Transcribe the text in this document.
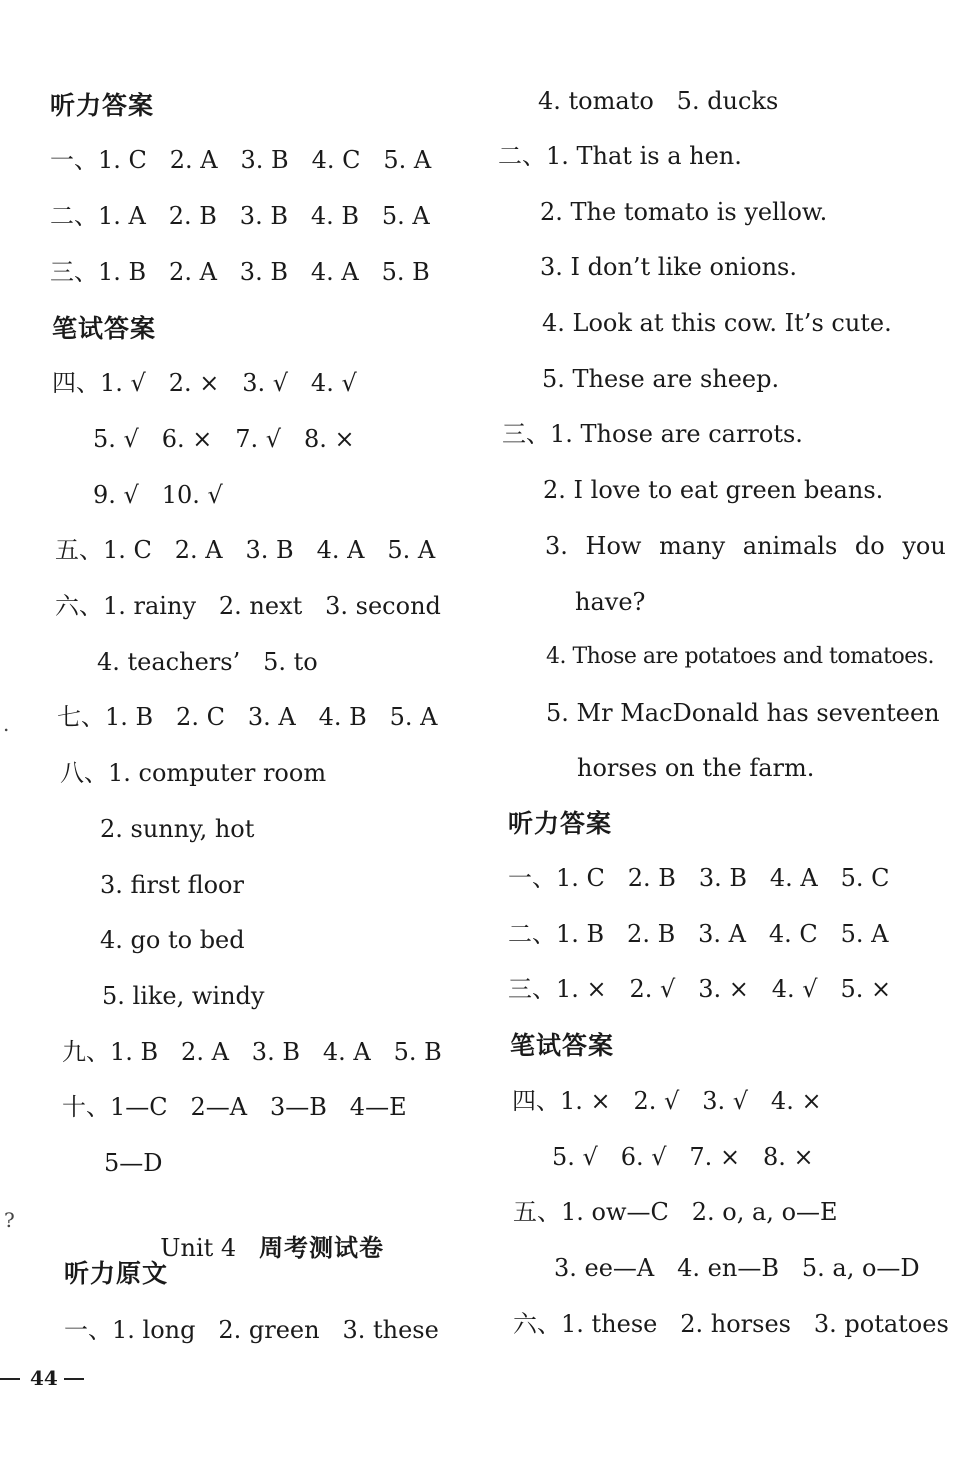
听力答案
一、1. C   2. A   3. B   4. C   5. A
二、1. A   2. B   3. B   4. B   5. A
三、1. B   2. A   3. B   4. A   5. B
笔试答案
四、1. √   2. ×   3. √   4. √
5. √   6. ×   7. √   8. ×
9. √   10. √
五、1. C   2. A   3. B   4. A   5. A
六、1. rainy   2. next   3. second
4. teachers’   5. to
七、1. B   2. C   3. A   4. B   5. A
八、1. computer room
2. sunny, hot
3. first floor
4. go to bed
5. like, windy
九、1. B   2. A   3. B   4. A   5. B
十、1—C   2—A   3—B   4—E
5—D

Unit 4 周考测试卷

听力原文
一、1. long   2. green   3. these
.
?
4. tomato   5. ducks
二、1. That is a hen.
2. The tomato is yellow.
3. I don’t like onions.
4. Look at this cow. It’s cute.
5. These are sheep.
三、1. Those are carrots.
2. I love to eat green beans.
3. How many animals do you
have?
4. Those are potatoes and tomatoes.
5. Mr MacDonald has seventeen
horses on the farm.
听力答案
一、1. C   2. B   3. B   4. A   5. C
二、1. B   2. B   3. A   4. C   5. A
三、1. ×   2. √   3. ×   4. √   5. ×
笔试答案
四、1. ×   2. √   3. √   4. ×
5. √   6. √   7. ×   8. ×
五、1. ow—C   2. o, a, o—E
3. ee—A   4. en—B   5. a, o—D
六、1. these   2. horses   3. potatoes
44
